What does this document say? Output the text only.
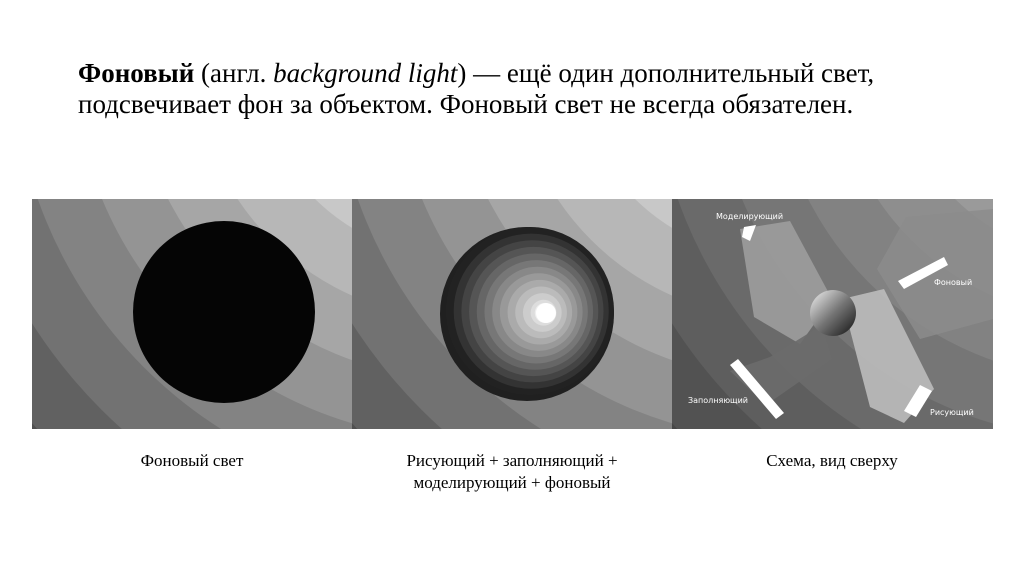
Фоновый (англ. background light) — ещё один дополнительный свет, подсвечивает фон за объектом. Фоновый свет не всегда обязателен.

Моделирующий
Фоновый
Заполняющий
Рисующий

Фоновый свет	Рисующий + заполняющий + моделирующий + фоновый

Схема, вид сверху
